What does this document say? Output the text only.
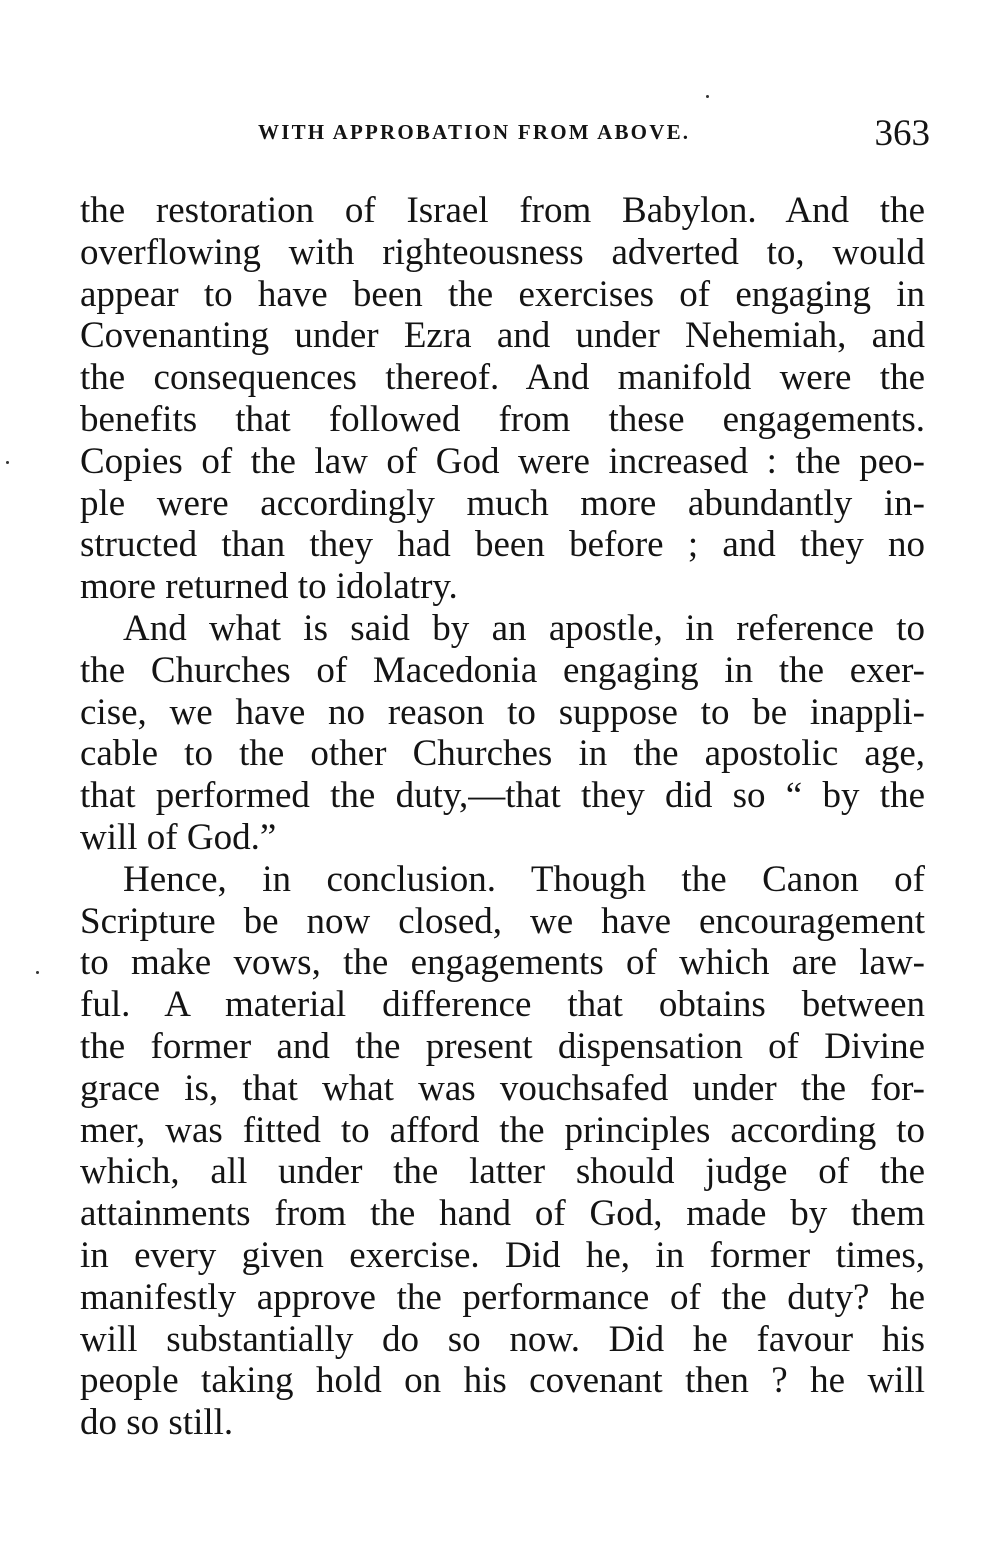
WITH APPROBATION FROM ABOVE.	363
the restoration of Israel from Babylon. And the
overflowing with righteousness adverted to, would
appear to have been the exercises of engaging in
Covenanting under Ezra and under Nehemiah, and
the consequences thereof. And manifold were the
benefits that followed from these engagements.
Copies of the law of God were increased : the peo-
ple were accordingly much more abundantly in-
structed than they had been before ; and they no
more returned to idolatry.
And what is said by an apostle, in reference to
the Churches of Macedonia engaging in the exer-
cise, we have no reason to suppose to be inappli-
cable to the other Churches in the apostolic age,
that performed the duty,—that they did so “ by the
will of God.”
Hence, in conclusion. Though the Canon of
Scripture be now closed, we have encouragement
to make vows, the engagements of which are law-
ful. A material difference that obtains between
the former and the present dispensation of Divine
grace is, that what was vouchsafed under the for-
mer, was fitted to afford the principles according to
which, all under the latter should judge of the
attainments from the hand of God, made by them
in every given exercise. Did he, in former times,
manifestly approve the performance of the duty? he
will substantially do so now. Did he favour his
people taking hold on his covenant then ? he will
do so still.
